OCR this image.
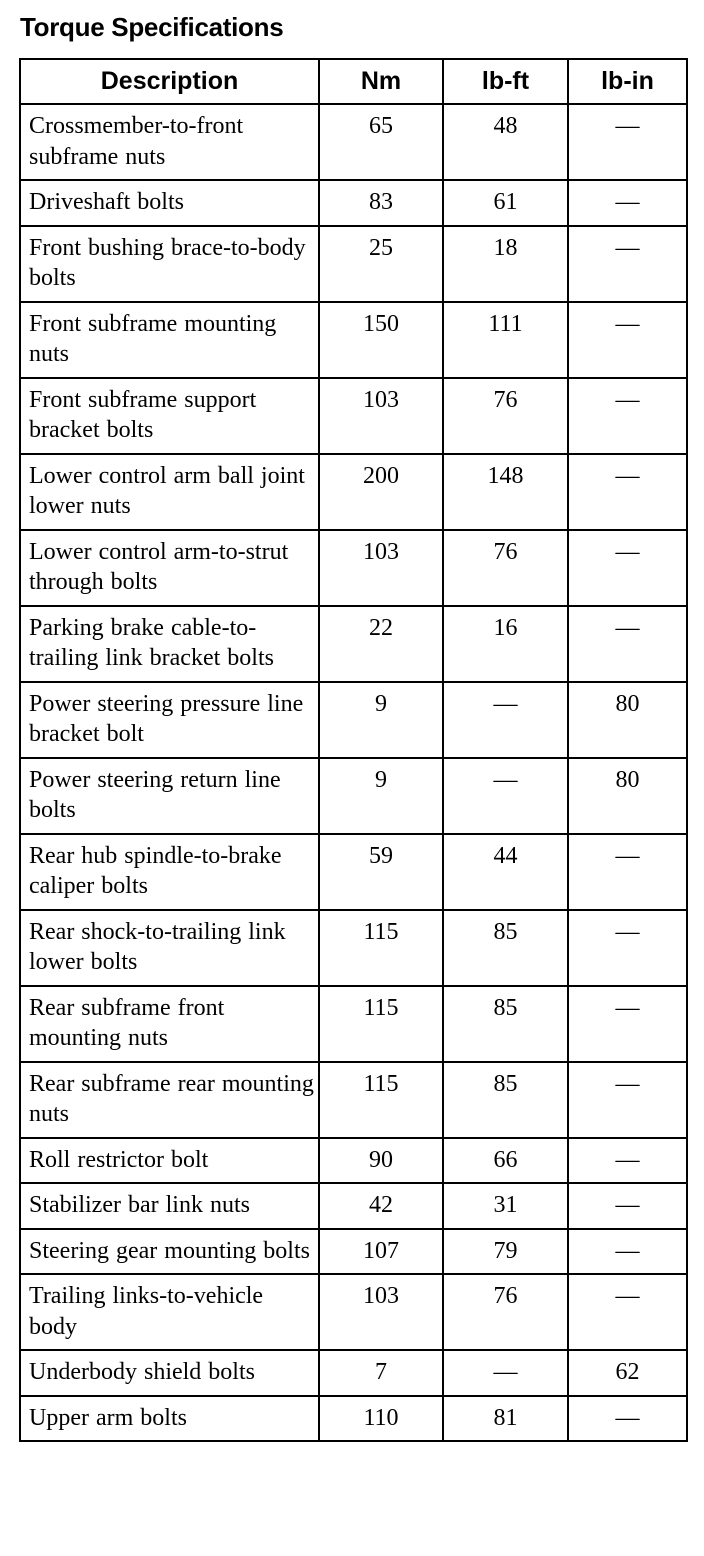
Torque Specifications
Description	Nm	lb-ft	lb-in
Crossmember-to-front subframe nuts	65	48	—
Driveshaft bolts	83	61	—
Front bushing brace-to-body bolts	25	18	—
Front subframe mounting nuts	150	111	—
Front subframe support bracket bolts	103	76	—
Lower control arm ball joint lower nuts	200	148	—
Lower control arm-to-strut through bolts	103	76	—
Parking brake cable-to-trailing link bracket bolts	22	16	—
Power steering pressure line bracket bolt	9	—	80
Power steering return line bolts	9	—	80
Rear hub spindle-to-brake caliper bolts	59	44	—
Rear shock-to-trailing link lower bolts	115	85	—
Rear subframe front mounting nuts	115	85	—
Rear subframe rear mounting nuts	115	85	—
Roll restrictor bolt	90	66	—
Stabilizer bar link nuts	42	31	—
Steering gear mounting bolts	107	79	—
Trailing links-to-vehicle body	103	76	—
Underbody shield bolts	7	—	62
Upper arm bolts	110	81	—
